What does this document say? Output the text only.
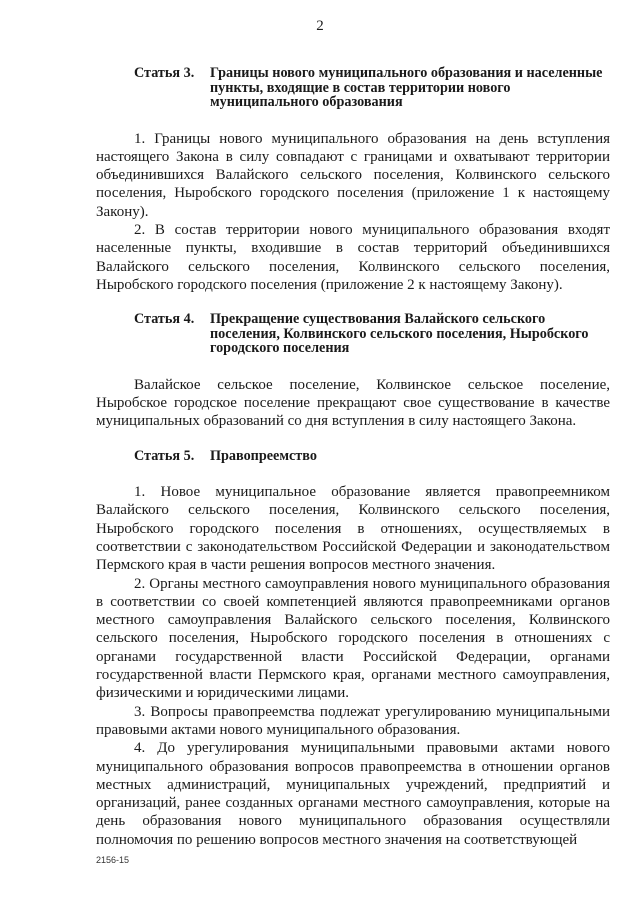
2
Статья 3.	Границы нового муниципального образования и населенные пункты, входящие в состав территории нового муниципального образования

1. Границы нового муниципального образования на день вступления настоящего Закона в силу совпадают с границами и охватывают территории объединившихся Валайского сельского поселения, Колвинского сельского поселения, Ныробского городского поселения (приложение 1 к настоящему Закону).

2. В состав территории нового муниципального образования входят населенные пункты, входившие в состав территорий объединившихся Валайского сельского поселения, Колвинского сельского поселения, Ныробского городского поселения (приложение 2 к настоящему Закону).

Статья 4.	Прекращение существования Валайского сельского поселения, Колвинского сельского поселения, Ныробского городского поселения

Валайское сельское поселение, Колвинское сельское поселение, Ныробское городское поселение прекращают свое существование в качестве муниципальных образований со дня вступления в силу настоящего Закона.

Статья 5.	Правопреемство

1. Новое муниципальное образование является правопреемником Валайского сельского поселения, Колвинского сельского поселения, Ныробского городского поселения в отношениях, осуществляемых в соответствии с законодательством Российской Федерации и законодательством Пермского края в части решения вопросов местного значения.

2. Органы местного самоуправления нового муниципального образования в соответствии со своей компетенцией являются правопреемниками органов местного самоуправления Валайского сельского поселения, Колвинского сельского поселения, Ныробского городского поселения в отношениях с органами государственной власти Российской Федерации, органами государственной власти Пермского края, органами местного самоуправления, физическими и юридическими лицами.

3. Вопросы правопреемства подлежат урегулированию муниципальными правовыми актами нового муниципального образования.

4. До урегулирования муниципальными правовыми актами нового муниципального образования вопросов правопреемства в отношении органов местных администраций, муниципальных учреждений, предприятий и организаций, ранее созданных органами местного самоуправления, которые на день образования нового муниципального образования осуществляли полномочия по решению вопросов местного значения на соответствующей

2156-15
